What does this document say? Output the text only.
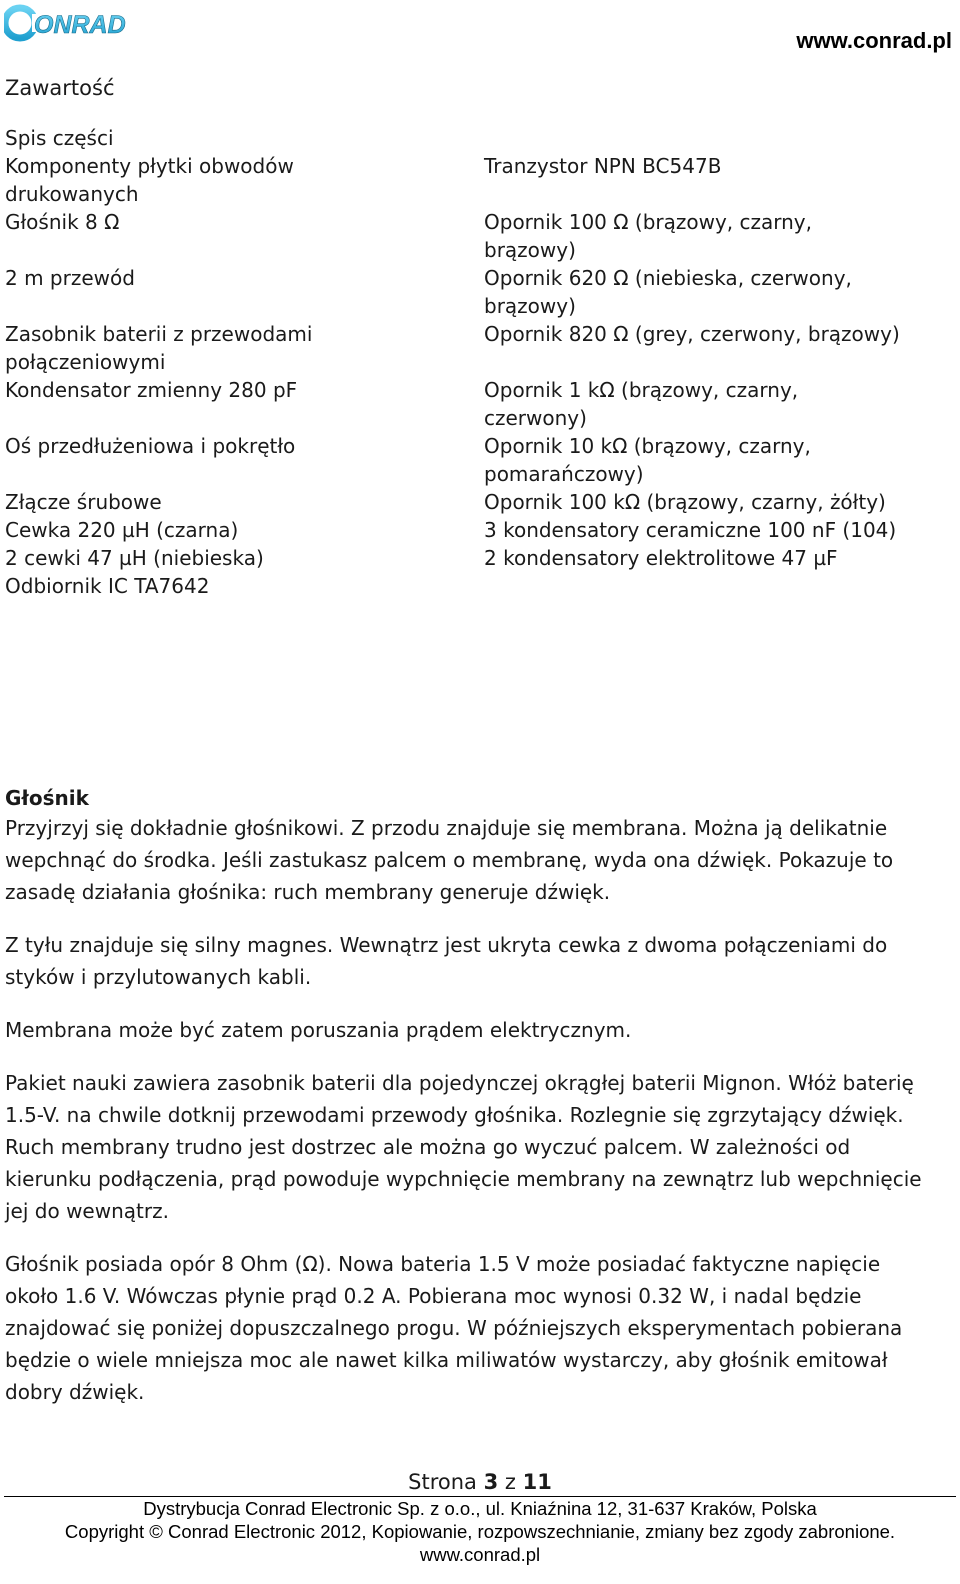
ONRAD
www.conrad.pl
Zawartość
Spis części
Komponenty płytki obwodów
drukowanych
Głośnik 8 Ω
2 m przewód
Zasobnik baterii z przewodami
połączeniowymi
Kondensator zmienny 280 pF
Oś przedłużeniowa i pokrętło
Złącze śrubowe
Cewka 220 µH (czarna)
2 cewki 47 µH (niebieska)
Odbiornik IC TA7642
Tranzystor NPN BC547B
Opornik 100 Ω (brązowy, czarny,
brązowy)
Opornik 620 Ω (niebieska, czerwony,
brązowy)
Opornik 820 Ω (grey, czerwony, brązowy)
Opornik 1 kΩ (brązowy, czarny,
czerwony)
Opornik 10 kΩ (brązowy, czarny,
pomarańczowy)
Opornik 100 kΩ (brązowy, czarny, żółty)
3 kondensatory ceramiczne 100 nF (104)
2 kondensatory elektrolitowe 47 µF
Głośnik

Przyjrzyj się dokładnie głośnikowi. Z przodu znajduje się membrana. Można ją delikatnie wepchnąć do środka. Jeśli zastukasz palcem o membranę, wyda ona dźwięk. Pokazuje to zasadę działania głośnika: ruch membrany generuje dźwięk.

Z tyłu znajduje się silny magnes. Wewnątrz jest ukryta cewka z dwoma połączeniami do styków i przylutowanych kabli.

Membrana może być zatem poruszania prądem elektrycznym.

Pakiet nauki zawiera zasobnik baterii dla pojedynczej okrągłej baterii Mignon. Włóż baterię 1.5-V. na chwile dotknij przewodami przewody głośnika. Rozlegnie się zgrzytający dźwięk. Ruch membrany trudno jest dostrzec ale można go wyczuć palcem. W zależności od kierunku podłączenia, prąd powoduje wypchnięcie membrany na zewnątrz lub wepchnięcie jej do wewnątrz.

Głośnik posiada opór 8 Ohm (Ω). Nowa bateria 1.5 V może posiadać faktyczne napięcie około 1.6 V. Wówczas płynie prąd 0.2 A. Pobierana moc wynosi 0.32 W, i nadal będzie znajdować się poniżej dopuszczalnego progu. W późniejszych eksperymentach pobierana będzie o wiele mniejsza moc ale nawet kilka miliwatów wystarczy, aby głośnik emitował dobry dźwięk.

Strona 3 z 11
Dystrybucja Conrad Electronic Sp. z o.o., ul. Kniaźnina 12, 31-637 Kraków, Polska
Copyright © Conrad Electronic 2012, Kopiowanie, rozpowszechnianie, zmiany bez zgody zabronione.
www.conrad.pl
